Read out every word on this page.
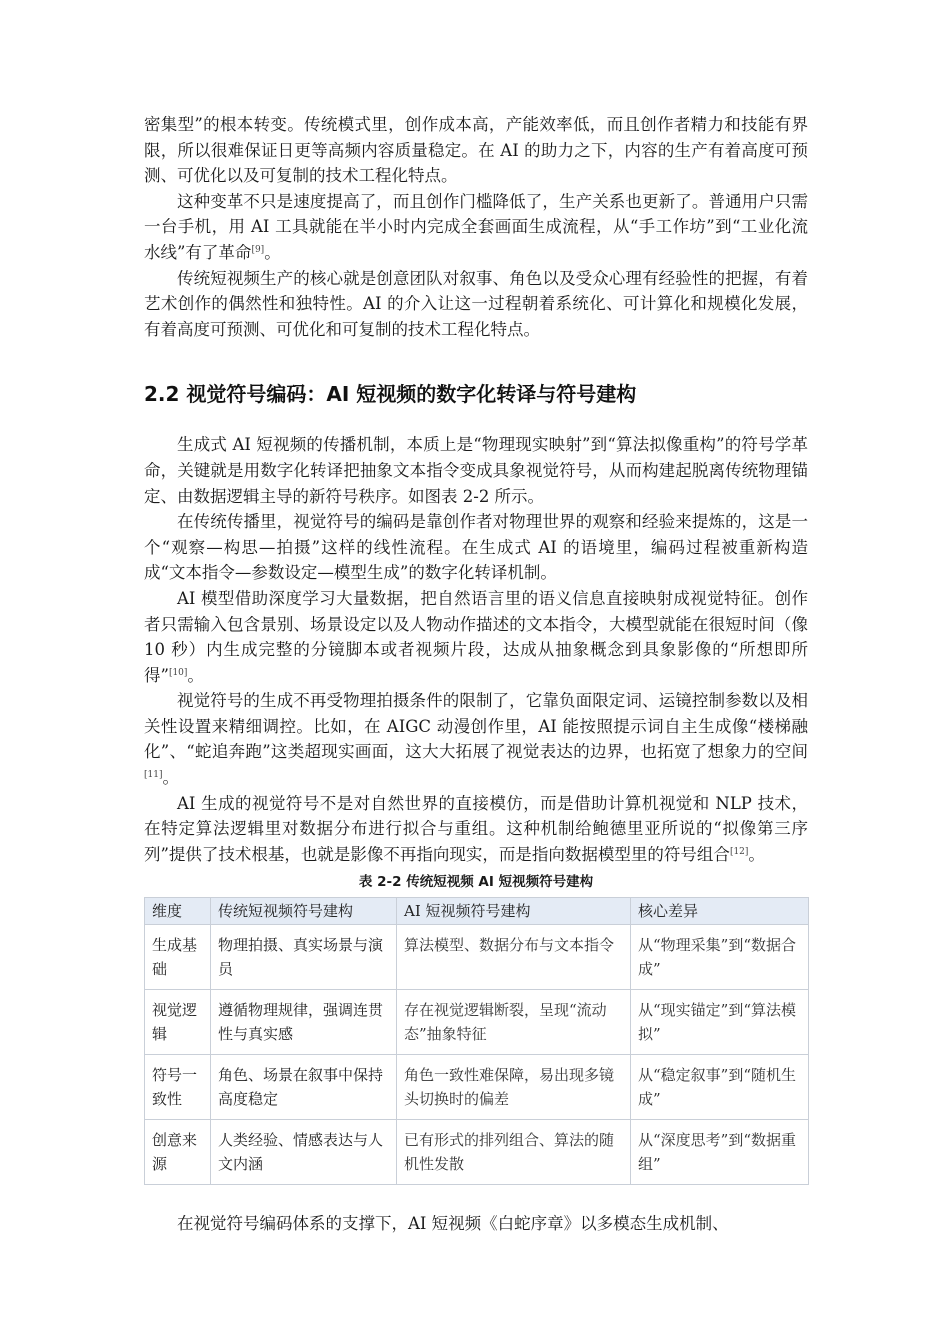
密集型”的根本转变。传统模式里，创作成本高，产能效率低，而且创作者精力和技能有界限，所以很难保证日更等高频内容质量稳定。在 AI 的助力之下，内容的生产有着高度可预测、可优化以及可复制的技术工程化特点。

这种变革不只是速度提高了，而且创作门槛降低了，生产关系也更新了。普通用户只需一台手机，用 AI 工具就能在半小时内完成全套画面生成流程，从“手工作坊”到“工业化流水线”有了革命[9]。

传统短视频生产的核心就是创意团队对叙事、角色以及受众心理有经验性的把握，有着艺术创作的偶然性和独特性。AI 的介入让这一过程朝着系统化、可计算化和规模化发展，有着高度可预测、可优化和可复制的技术工程化特点。

2.2 视觉符号编码：AI 短视频的数字化转译与符号建构

生成式 AI 短视频的传播机制，本质上是“物理现实映射”到“算法拟像重构”的符号学革命，关键就是用数字化转译把抽象文本指令变成具象视觉符号，从而构建起脱离传统物理锚定、由数据逻辑主导的新符号秩序。如图表 2-2 所示。

在传统传播里，视觉符号的编码是靠创作者对物理世界的观察和经验来提炼的，这是一个“观察—构思—拍摄”这样的线性流程。在生成式 AI 的语境里，编码过程被重新构造成“文本指令—参数设定—模型生成”的数字化转译机制。

AI 模型借助深度学习大量数据，把自然语言里的语义信息直接映射成视觉特征。创作者只需输入包含景别、场景设定以及人物动作描述的文本指令，大模型就能在很短时间（像 10 秒）内生成完整的分镜脚本或者视频片段，达成从抽象概念到具象影像的“所想即所得”[10]。

视觉符号的生成不再受物理拍摄条件的限制了，它靠负面限定词、运镜控制参数以及相关性设置来精细调控。比如，在 AIGC 动漫创作里，AI 能按照提示词自主生成像“楼梯融化”、“蛇追奔跑”这类超现实画面，这大大拓展了视觉表达的边界，也拓宽了想象力的空间[11]。

AI 生成的视觉符号不是对自然世界的直接模仿，而是借助计算机视觉和 NLP 技术，在特定算法逻辑里对数据分布进行拟合与重组。这种机制给鲍德里亚所说的“拟像第三序列”提供了技术根基，也就是影像不再指向现实，而是指向数据模型里的符号组合[12]。

表 2-2 传统短视频 AI 短视频符号建构
维度	传统短视频符号建构	AI 短视频符号建构	核心差异
生成基础	物理拍摄、真实场景与演员	算法模型、数据分布与文本指令	从“物理采集”到“数据合成”
视觉逻辑	遵循物理规律，强调连贯性与真实感	存在视觉逻辑断裂，呈现“流动态”抽象特征	从“现实锚定”到“算法模拟”
符号一致性	角色、场景在叙事中保持高度稳定	角色一致性难保障，易出现多镜头切换时的偏差	从“稳定叙事”到“随机生成”
创意来源	人类经验、情感表达与人文内涵	已有形式的排列组合、算法的随机性发散	从“深度思考”到“数据重组”

在视觉符号编码体系的支撑下，AI 短视频《白蛇序章》以多模态生成机制、
